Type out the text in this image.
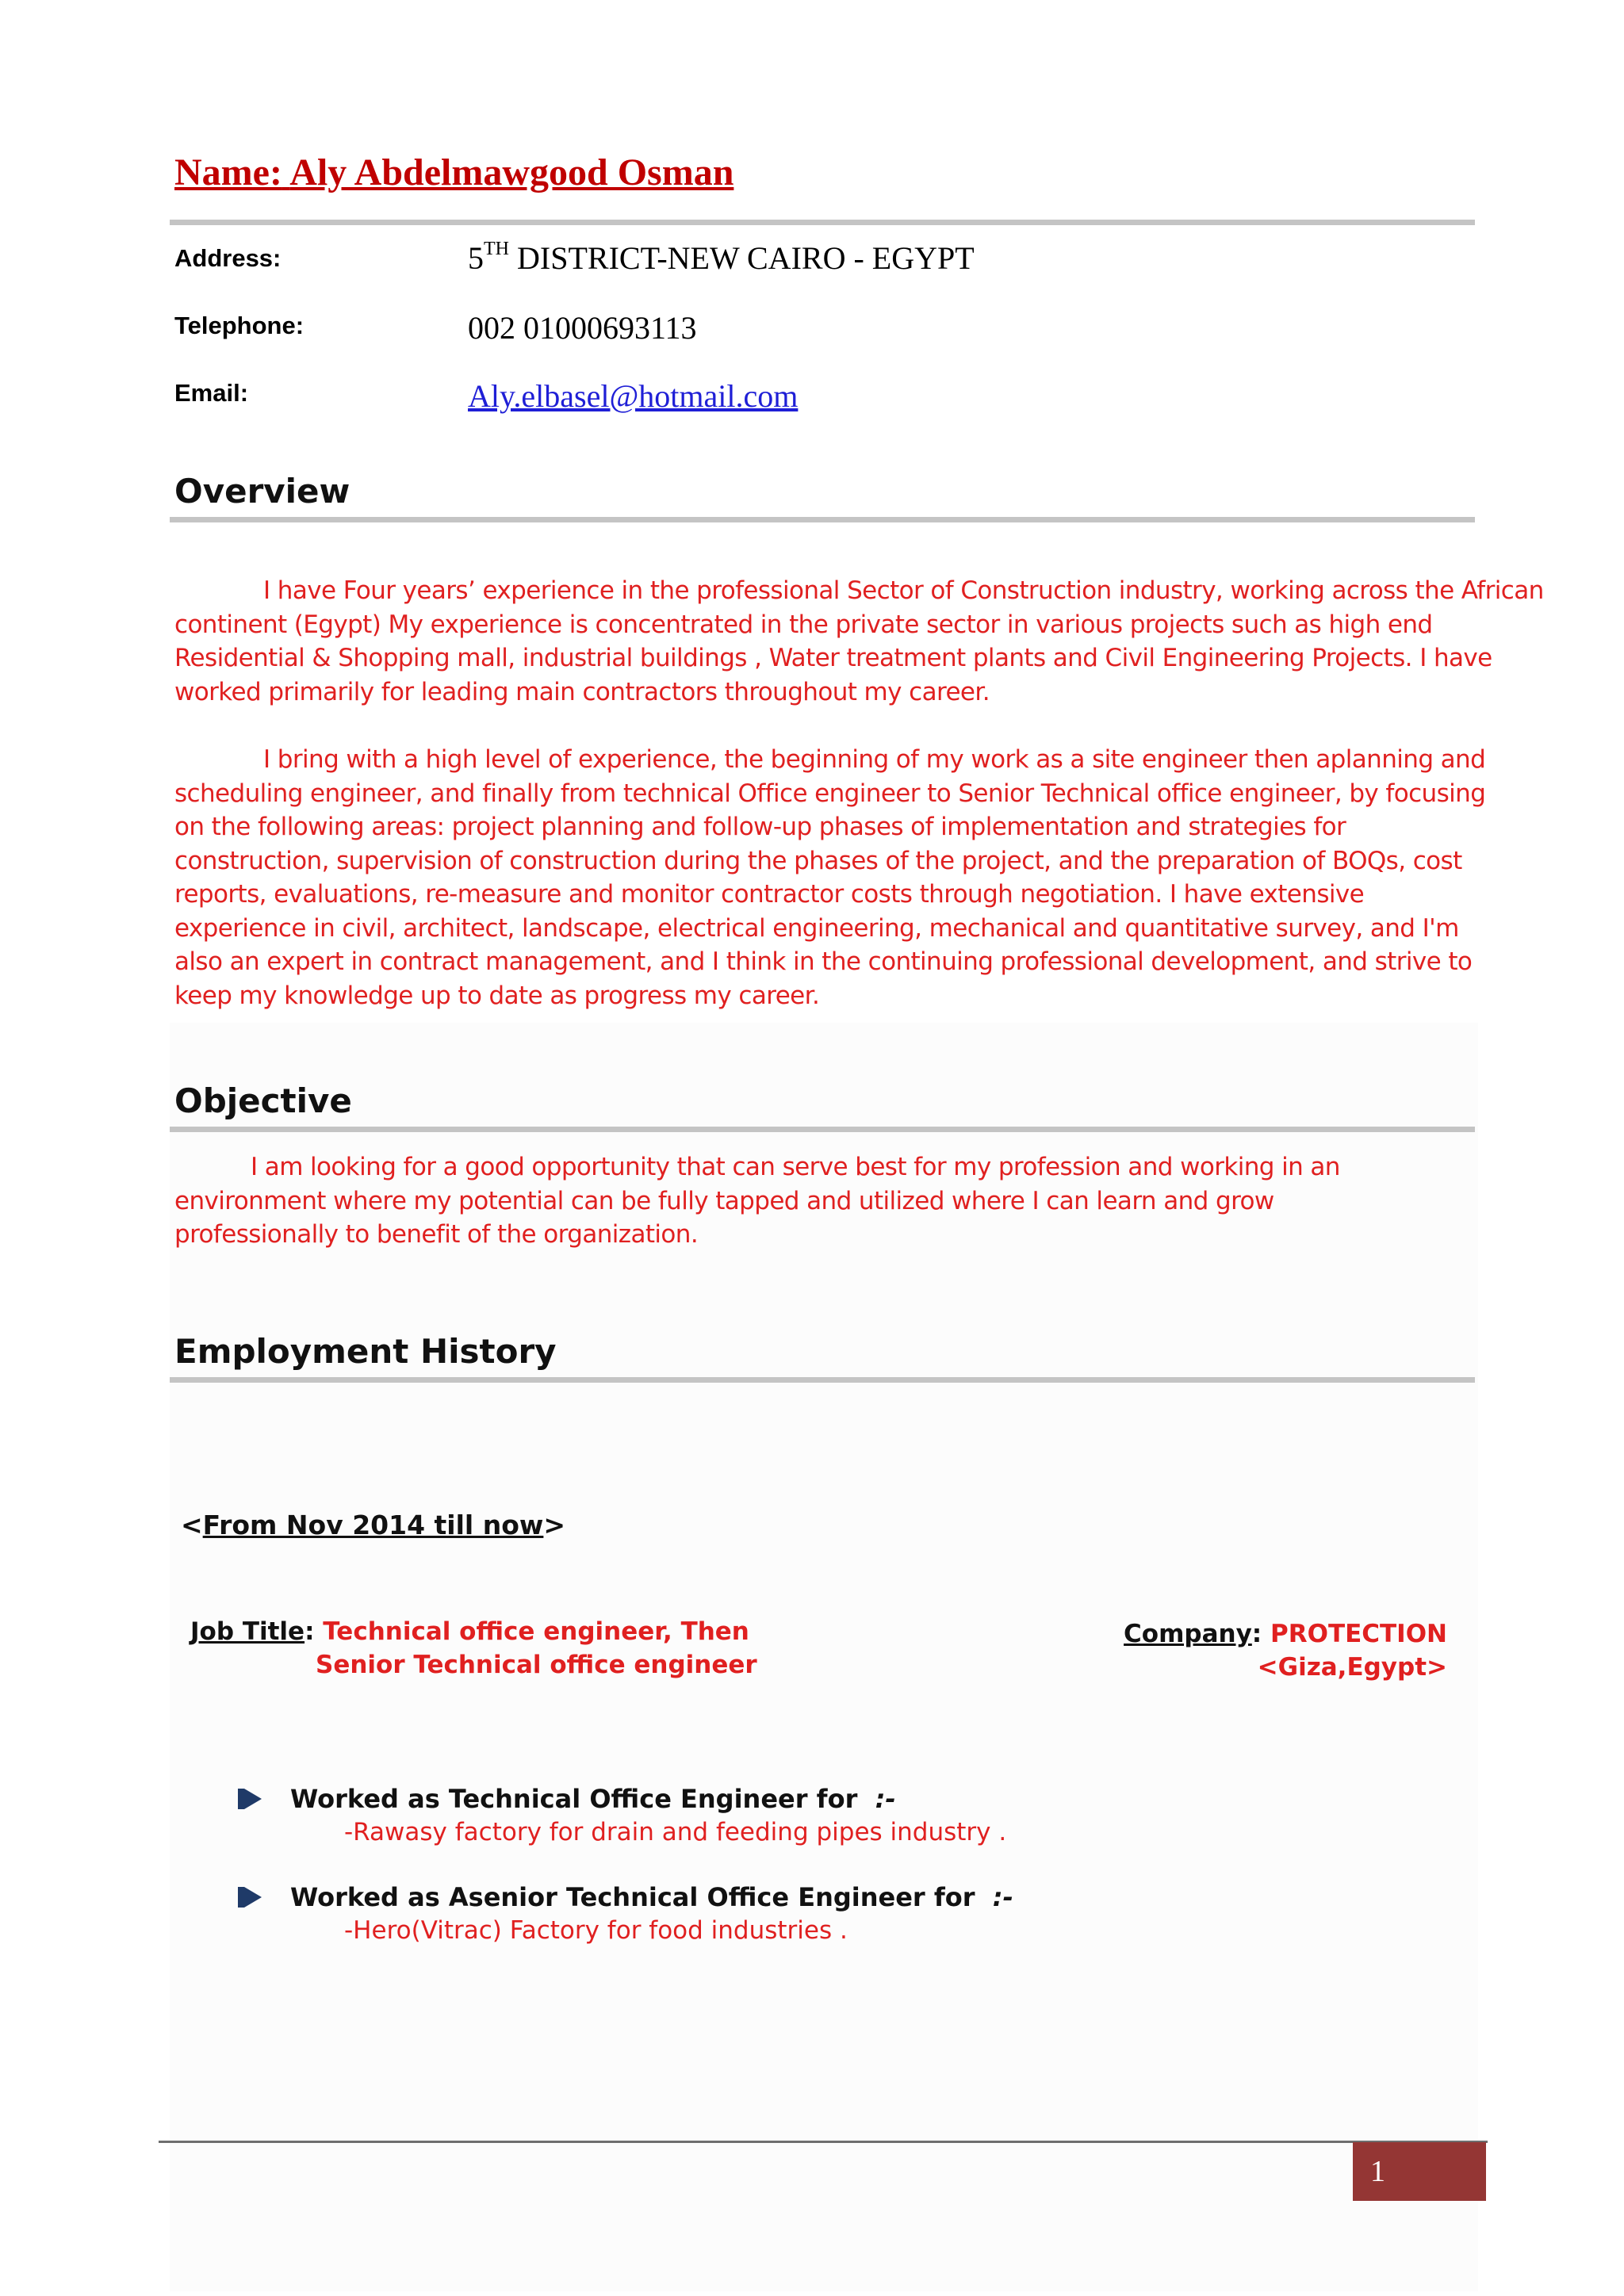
Name: Aly Abdelmawgood Osman
Address:	5TH DISTRICT-NEW CAIRO - EGYPT
Telephone:	002 01000693113
Email:	Aly.elbasel@hotmail.com
Overview

I have Four years’ experience in the professional Sector of Construction industry, working across the African
continent (Egypt) My experience is concentrated in the private sector in various projects such as high end
Residential & Shopping mall, industrial buildings , Water treatment plants and Civil Engineering Projects. I have
worked primarily for leading main contractors throughout my career.

I bring with a high level of experience, the beginning of my work as a site engineer then aplanning and
scheduling engineer, and finally from technical Office engineer to Senior Technical office engineer, by focusing
on the following areas: project planning and follow-up phases of implementation and strategies for
construction, supervision of construction during the phases of the project, and the preparation of BOQs, cost
reports, evaluations, re-measure and monitor contractor costs through negotiation. I have extensive
experience in civil, architect, landscape, electrical engineering, mechanical and quantitative survey, and I'm
also an expert in contract management, and I think in the continuing professional development, and strive to
keep my knowledge up to date as progress my career.

Objective

I am looking for a good opportunity that can serve best for my profession and working in an
environment where my potential can be fully tapped and utilized where I can learn and grow
professionally to benefit of the organization.

Employment History
<From Nov 2014 till now>
Job Title: Technical office engineer, Then
Senior Technical office engineer
Company: PROTECTION
<Giza,Egypt>
Worked as Technical Office Engineer for :-
-Rawasy factory for drain and feeding pipes industry .
Worked as Asenior Technical Office Engineer for :-
-Hero(Vitrac) Factory for food industries .
1
